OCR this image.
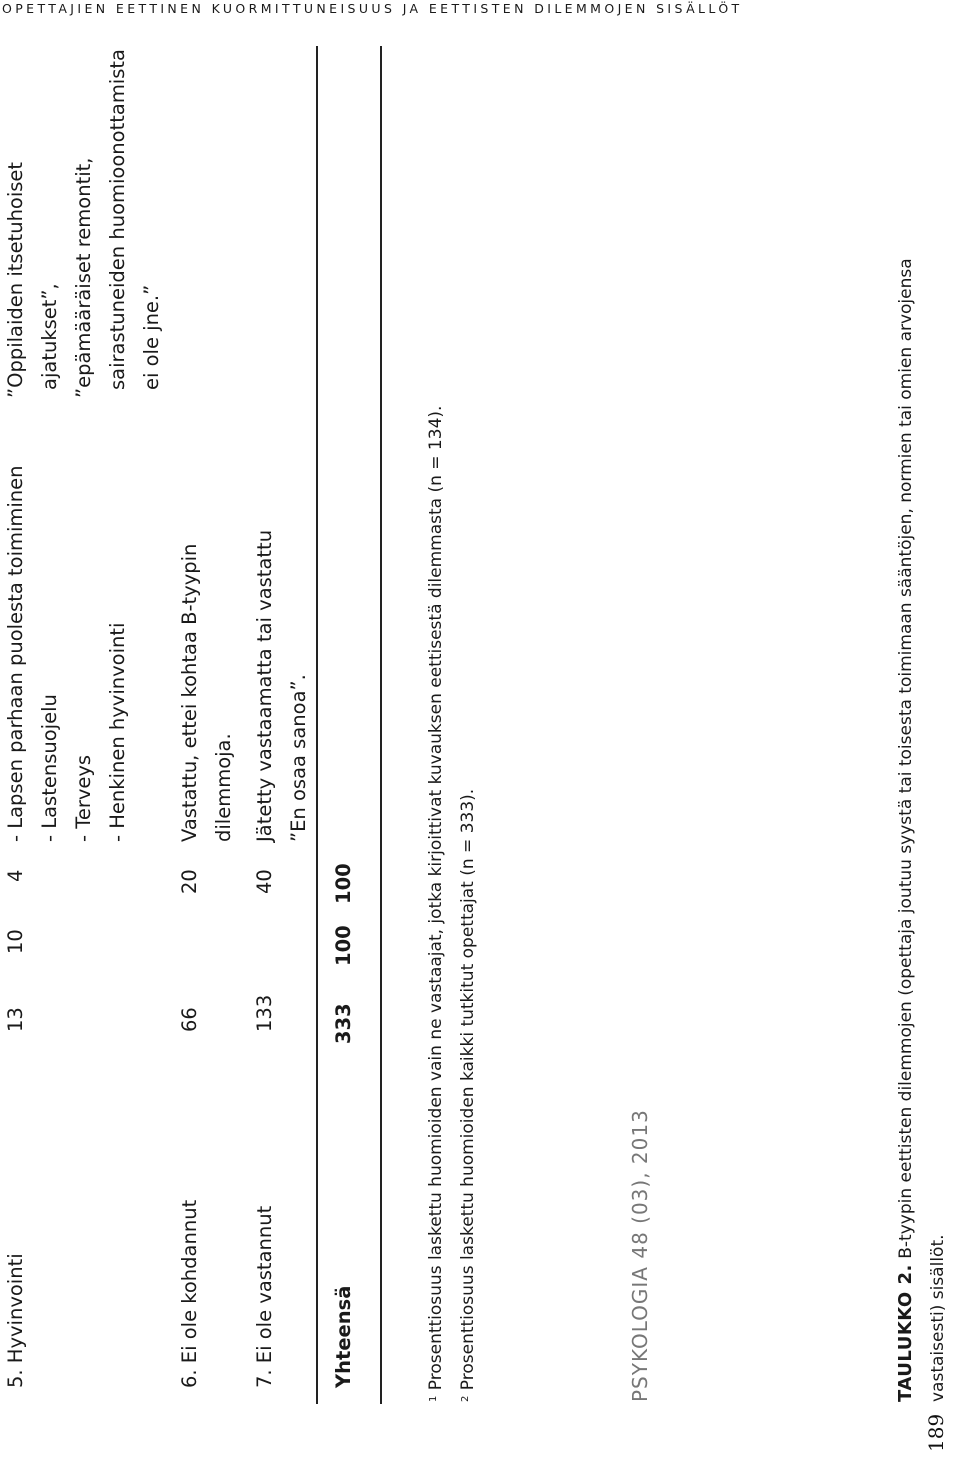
OPETTAJIEN EETTINEN KUORMITTUNEISUUS JA EETTISTEN DILEMMOJEN SISÄLLÖT
5. Hyvinvointi
13
10
4
- Lapsen parhaan puolesta toimiminen - Lastensuojelu - Terveys - Henkinen hyvinvointi
”Oppilaiden itsetuhoiset ajatukset”, ”epämääräiset remontit, sairastuneiden huomioonottamista ei ole jne.”
6. Ei ole kohdannut
66
20
Vastattu, ettei kohtaa B-tyypin dilemmoja.
7. Ei ole vastannut
133
40
Jätetty vastaamatta tai vastattu ”En osaa sanoa”.
Yhteensä
333
100
100
$^1$ Prosenttiosuus laskettu huomioiden vain ne vastaajat, jotka kirjoittivat kuvauksen eettisestä dilemmasta (n = 134).
$^2$ Prosenttiosuus laskettu huomioiden kaikki tutkitut opettajat (n = 333).	TAULUKKO 2. B-tyypin eettisten dilemmojen (opettaja joutuu syystä tai toisesta toimimaan sääntöjen, normien tai omien arvojensa
vastaisesti) sisällöt.
PSYKOLOGIA 48 (03), 2013
189
